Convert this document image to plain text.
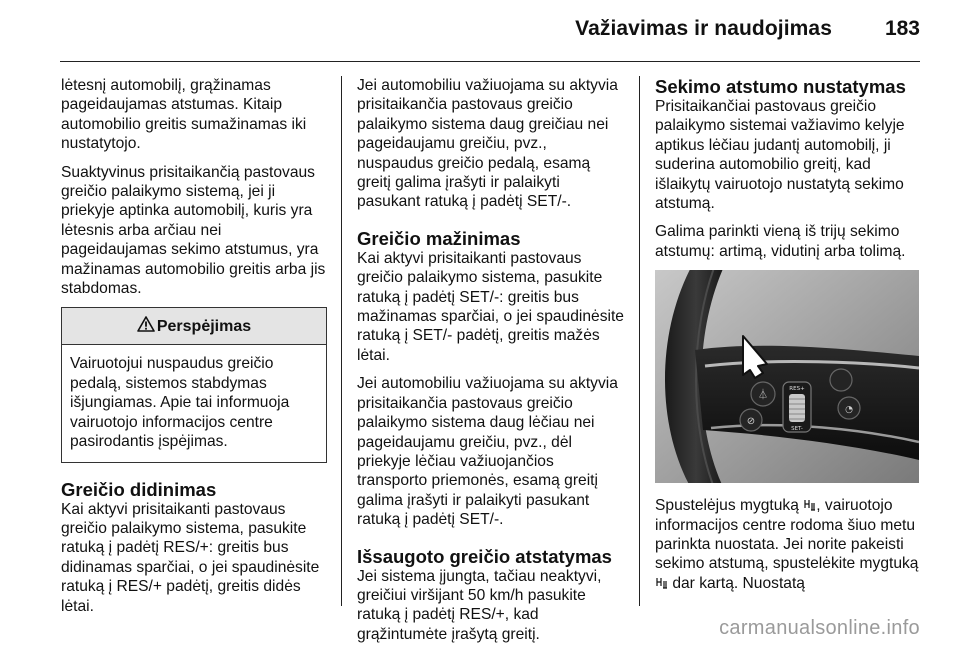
Važiavimas ir naudojimas	183

lėtesnį automobilį, grąžinamas pageidaujamas atstumas. Kitaip automobilio greitis sumažinamas iki nustatytojo.

Suaktyvinus prisitaikančią pastovaus greičio palaikymo sistemą, jei ji priekyje aptinka automobilį, kuris yra lėtesnis arba arčiau nei pageidaujamas sekimo atstumus, yra mažinamas automobilio greitis arba jis stabdomas.

Perspėjimas
Vairuotojui nuspaudus greičio pedalą, sistemos stabdymas išjungiamas. Apie tai informuoja vairuotojo informacijos centre pasirodantis įspėjimas.
Greičio didinimas

Kai aktyvi prisitaikanti pastovaus greičio palaikymo sistema, pasukite ratuką į padėtį RES/+: greitis bus didinamas sparčiai, o jei spaudinėsite ratuką į RES/+ padėtį, greitis didės lėtai.

Jei automobiliu važiuojama su aktyvia prisitaikančia pastovaus greičio palaikymo sistema daug greičiau nei pageidaujamu greičiu, pvz., nuspaudus greičio pedalą, esamą greitį galima įrašyti ir palaikyti pasukant ratuką į padėtį SET/-.

Greičio mažinimas

Kai aktyvi prisitaikanti pastovaus greičio palaikymo sistema, pasukite ratuką į padėtį SET/-: greitis bus mažinamas sparčiai, o jei spaudinėsite ratuką į SET/- padėtį, greitis mažės lėtai.

Jei automobiliu važiuojama su aktyvia prisitaikančia pastovaus greičio palaikymo sistema daug lėčiau nei pageidaujamu greičiu, pvz., dėl priekyje lėčiau važiuojančios transporto priemonės, esamą greitį galima įrašyti ir palaikyti pasukant ratuką į padėtį SET/-.

Išsaugoto greičio atstatymas

Jei sistema įjungta, tačiau neaktyvi, greičiui viršijant 50 km/h pasukite ratuką į padėtį RES/+, kad grąžintumėte įrašytą greitį.

Sekimo atstumo nustatymas

Prisitaikančiai pastovaus greičio palaikymo sistemai važiavimo kelyje aptikus lėčiau judantį automobilį, ji suderina automobilio greitį, kad išlaikytų vairuotojo nustatytą sekimo atstumą.

Galima parinkti vieną iš trijų sekimo atstumų: artimą, vidutinį arba tolimą.

⏃
⊘
RES+
SET-
◔

Spustelėjus mygtuką , vairuotojo informacijos centre rodoma šiuo metu parinkta nuostata. Jei norite pakeisti sekimo atstumą, spustelėkite mygtuką  dar kartą. Nuostatą

carmanualsonline.info
